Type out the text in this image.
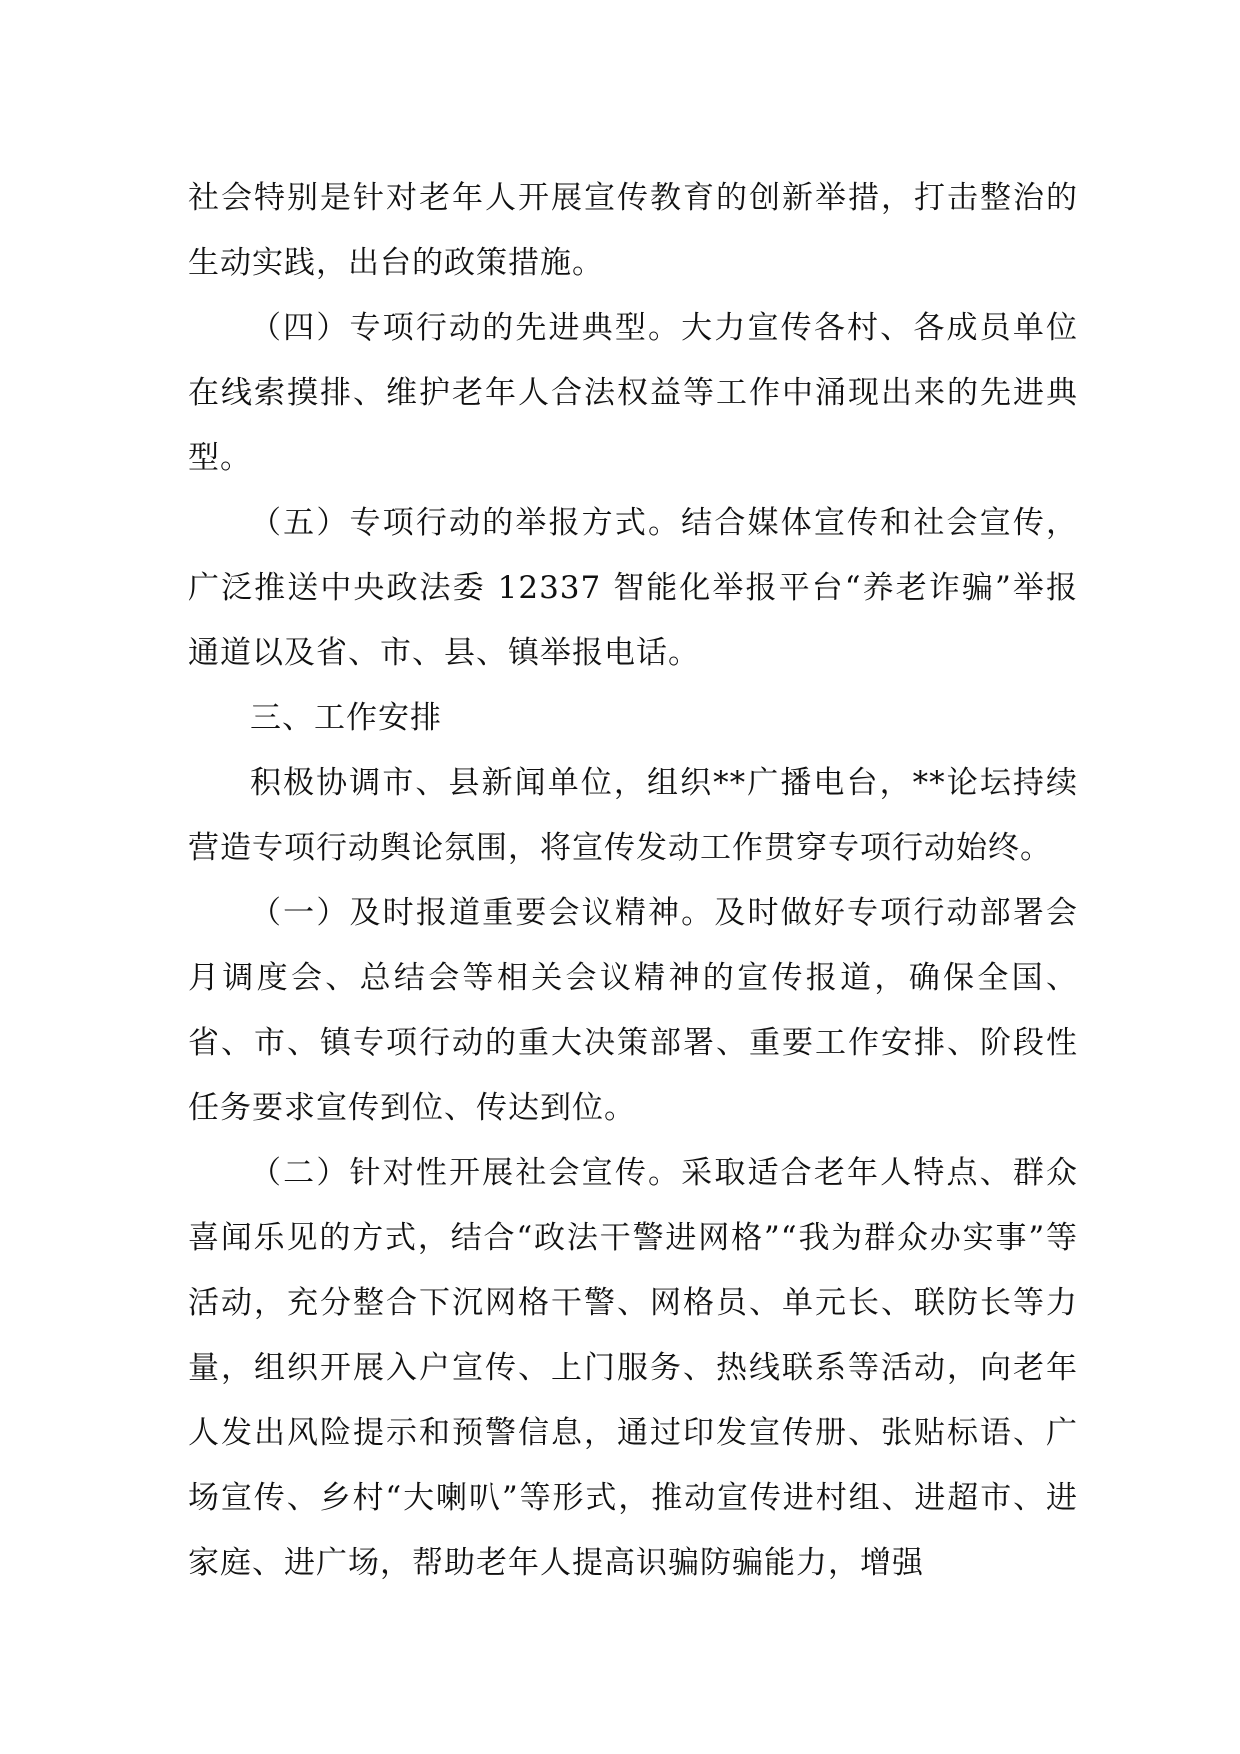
社会特别是针对老年人开展宣传教育的创新举措，打击整治的生动实践，出台的政策措施。

（四）专项行动的先进典型。大力宣传各村、各成员单位在线索摸排、维护老年人合法权益等工作中涌现出来的先进典型。

（五）专项行动的举报方式。结合媒体宣传和社会宣传，广泛推送中央政法委 12337 智能化举报平台“养老诈骗”举报通道以及省、市、县、镇举报电话。

三、工作安排

积极协调市、县新闻单位，组织**广播电台，**论坛持续营造专项行动舆论氛围，将宣传发动工作贯穿专项行动始终。

（一）及时报道重要会议精神。及时做好专项行动部署会月调度会、总结会等相关会议精神的宣传报道，确保全国、省、市、镇专项行动的重大决策部署、重要工作安排、阶段性任务要求宣传到位、传达到位。

（二）针对性开展社会宣传。采取适合老年人特点、群众喜闻乐见的方式，结合“政法干警进网格”“我为群众办实事”等活动，充分整合下沉网格干警、网格员、单元长、联防长等力量，组织开展入户宣传、上门服务、热线联系等活动，向老年人发出风险提示和预警信息，通过印发宣传册、张贴标语、广场宣传、乡村“大喇叭”等形式，推动宣传进村组、进超市、进家庭、进广场，帮助老年人提高识骗防骗能力，增强
